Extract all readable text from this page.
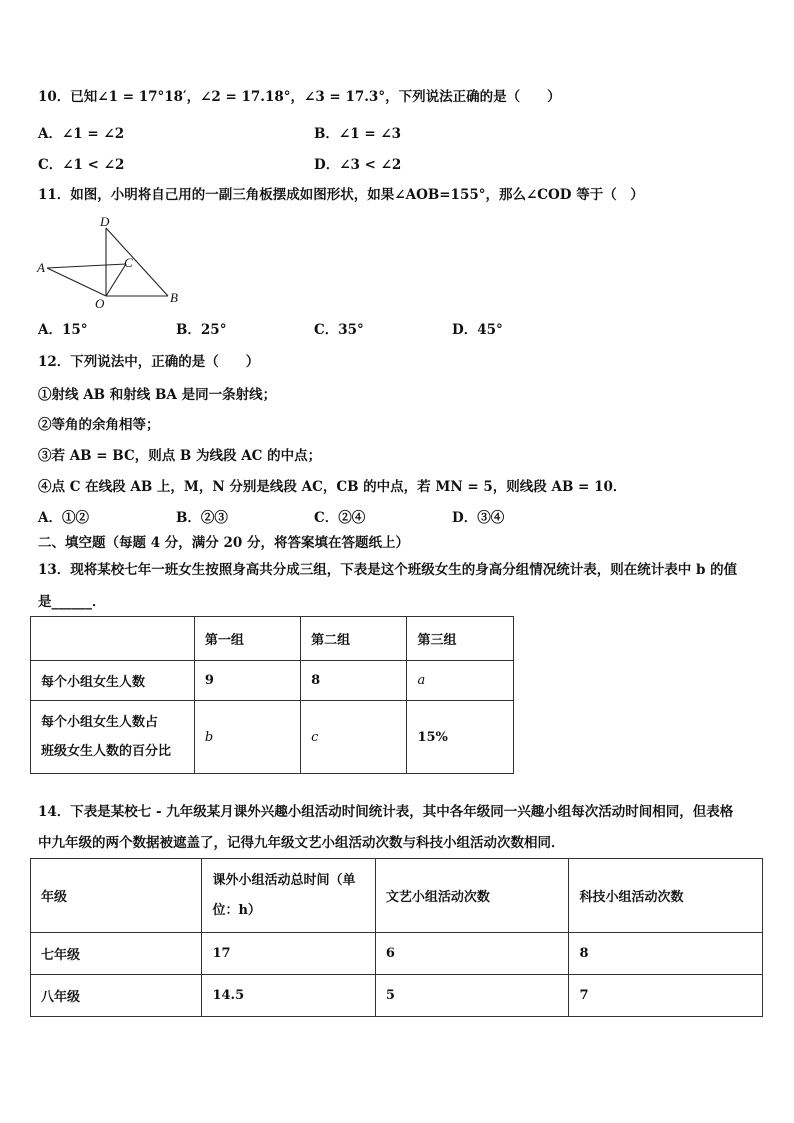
10．已知∠1 = 17°18′，∠2 = 17.18°，∠3 = 17.3°，下列说法正确的是（　　）
A．∠1 = ∠2	B．∠1 = ∠3
C．∠1 < ∠2	D．∠3 < ∠2
11．如图，小明将自己用的一副三角板摆成如图形状，如果∠AOB=155°，那么∠COD 等于（　）
D
A	C
O	B
A．15°	B．25°	C．35°	D．45°
12．下列说法中，正确的是（　　）
①射线 AB 和射线 BA 是同一条射线；
②等角的余角相等；
③若 AB = BC，则点 B 为线段 AC 的中点；
④点 C 在线段 AB 上，M，N 分别是线段 AC，CB 的中点，若 MN = 5，则线段 AB = 10．
A．①②	B．②③	C．②④	D．③④
二、填空题（每题 4 分，满分 20 分，将答案填在答题纸上）
13．现将某校七年一班女生按照身高共分成三组，下表是这个班级女生的身高分组情况统计表，则在统计表中 b 的值
是______．
	第一组	第二组	第三组
每个小组女生人数	9	8	a

每个小组女生人数占
班级女生人数的百分比	b	c	15%
14．下表是某校七 - 九年级某月课外兴趣小组活动时间统计表，其中各年级同一兴趣小组每次活动时间相同，但表格
中九年级的两个数据被遮盖了，记得九年级文艺小组活动次数与科技小组活动次数相同．
年级	课外小组活动总时间（单
位：h）	文艺小组活动次数	科技小组活动次数
七年级	17	6	8
八年级	14.5	5	7
